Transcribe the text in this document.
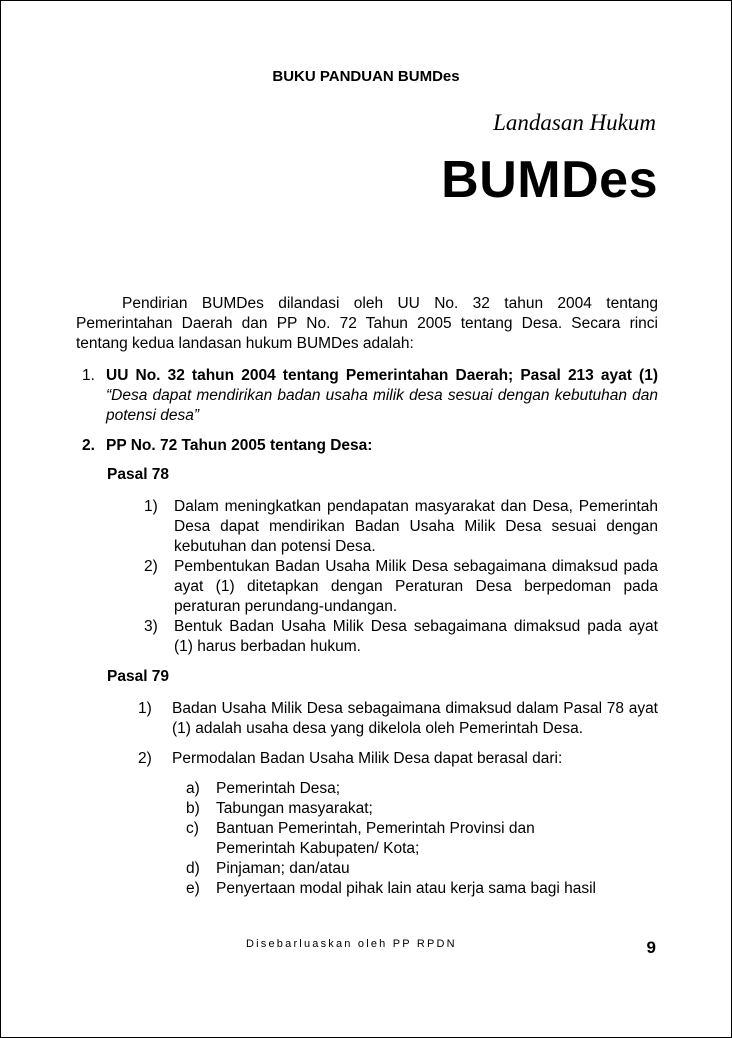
BUKU PANDUAN BUMDes
Landasan Hukum
BUMDes

Pendirian BUMDes dilandasi oleh UU No. 32 tahun 2004 tentang Pemerintahan Daerah dan PP No. 72 Tahun 2005 tentang Desa. Secara rinci tentang kedua landasan hukum BUMDes adalah:

1. UU No. 32 tahun 2004 tentang Pemerintahan Daerah; Pasal 213 ayat (1) “Desa dapat mendirikan badan usaha milik desa sesuai dengan kebutuhan dan potensi desa”
2. PP No. 72 Tahun 2005 tentang Desa:
Pasal 78
1)	Dalam meningkatkan pendapatan masyarakat dan Desa, Pemerintah Desa dapat mendirikan Badan Usaha Milik Desa sesuai dengan kebutuhan dan potensi Desa.
2)	Pembentukan Badan Usaha Milik Desa sebagaimana dimaksud pada ayat (1) ditetapkan dengan Peraturan Desa berpedoman pada peraturan perundang-undangan.
3)	Bentuk Badan Usaha Milik Desa sebagaimana dimaksud pada ayat (1) harus berbadan hukum.
Pasal 79
1)	Badan Usaha Milik Desa sebagaimana dimaksud dalam Pasal 78 ayat (1) adalah usaha desa yang dikelola oleh Pemerintah Desa.
2)	Permodalan Badan Usaha Milik Desa dapat berasal dari:
a)	Pemerintah Desa;
b)	Tabungan masyarakat;
c)	Bantuan Pemerintah, Pemerintah Provinsi dan Pemerintah Kabupaten/ Kota;
d)	Pinjaman; dan/atau
e)	Penyertaan modal pihak lain atau kerja sama bagi hasil
Disebarluaskan oleh PP RPDN	9
